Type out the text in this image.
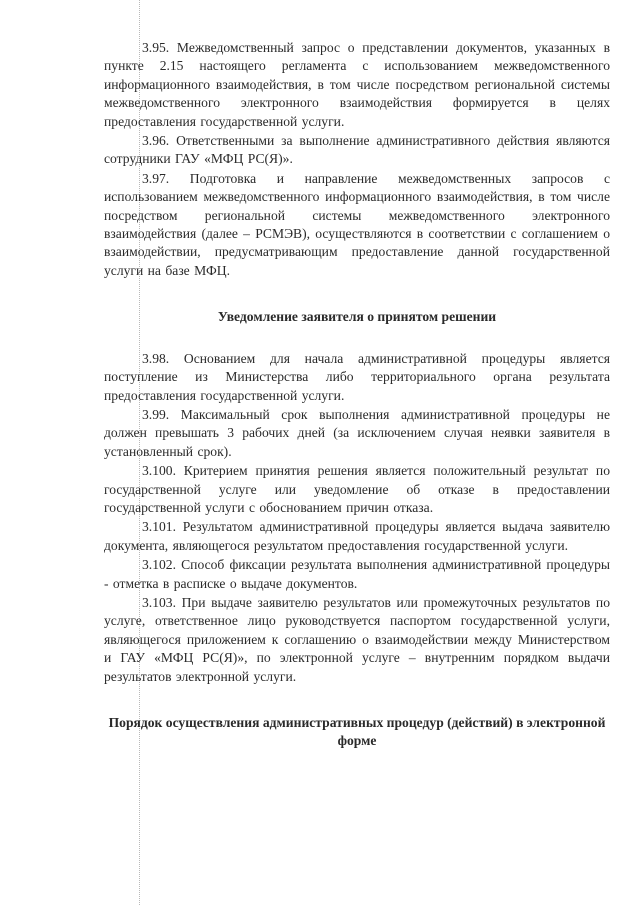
3.95. Межведомственный запрос о представлении документов, указанных в пункте 2.15 настоящего регламента с использованием межведомственного информационного взаимодействия, в том числе посредством региональной системы межведомственного электронного взаимодействия формируется в целях предоставления государственной услуги.

3.96. Ответственными за выполнение административного действия являются сотрудники ГАУ «МФЦ РС(Я)».

3.97. Подготовка и направление межведомственных запросов с использованием межведомственного информационного взаимодействия, в том числе посредством региональной системы межведомственного электронного взаимодействия (далее – РСМЭВ), осуществляются в соответствии с соглашением о взаимодействии, предусматривающим предоставление данной государственной услуги на базе МФЦ.

Уведомление заявителя о принятом решении

3.98. Основанием для начала административной процедуры является поступление из Министерства либо территориального органа результата предоставления государственной услуги.

3.99. Максимальный срок выполнения административной процедуры не должен превышать 3 рабочих дней (за исключением случая неявки заявителя в установленный срок).

3.100. Критерием принятия решения является положительный результат по государственной услуге или уведомление об отказе в предоставлении государственной услуги с обоснованием причин отказа.

3.101. Результатом административной процедуры является выдача заявителю документа, являющегося результатом предоставления государственной услуги.

3.102. Способ фиксации результата выполнения административной процедуры - отметка в расписке о выдаче документов.

3.103. При выдаче заявителю результатов или промежуточных результатов по услуге, ответственное лицо руководствуется паспортом государственной услуги, являющегося приложением к соглашению о взаимодействии между Министерством и ГАУ «МФЦ РС(Я)», по электронной услуге – внутренним порядком выдачи результатов электронной услуги.

Порядок осуществления административных процедур (действий) в электронной форме
